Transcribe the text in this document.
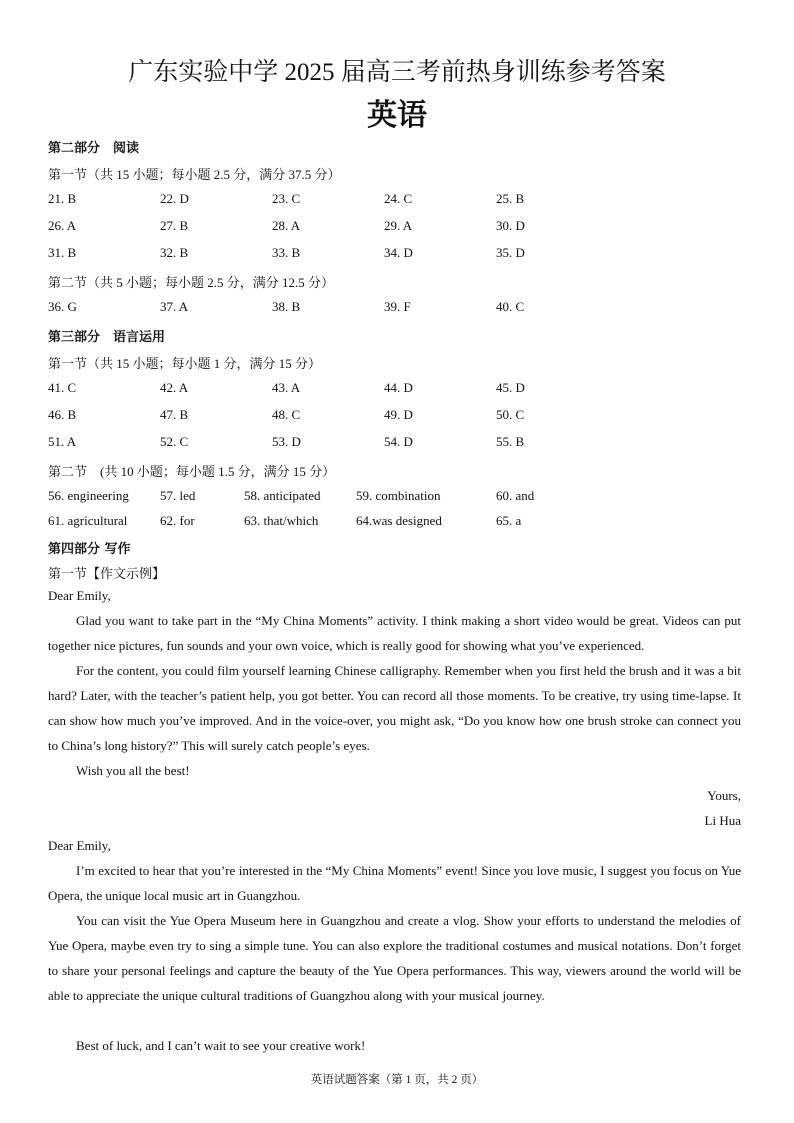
广东实验中学 2025 届高三考前热身训练参考答案
英语
第二部分　阅读
第一节（共 15 小题；每小题 2.5 分，满分 37.5 分）
21. B	22. D	23. C	24. C	25. B
26. A	27. B	28. A	29. A	30. D
31. B	32. B	33. B	34. D	35. D
第二节（共 5 小题；每小题 2.5 分，满分 12.5 分）
36. G	37. A	38. B	39. F	40. C
第三部分　语言运用
第一节（共 15 小题；每小题 1 分，满分 15 分）
41. C	42. A	43. A	44. D	45. D
46. B	47. B	48. C	49. D	50. C
51. A	52. C	53. D	54. D	55. B
第二节　(共 10 小题；每小题 1.5 分，满分 15 分）
56. engineering 57. led	58. anticipated	59. combination	60. and
61. agricultural	62. for	63. that/which	64.was designed	65. a
第四部分 写作
第一节【作文示例】
Dear Emily,
Glad you want to take part in the “My China Moments” activity. I think making a short video would be great. Videos can put together nice pictures, fun sounds and your own voice, which is really good for showing what you’ve experienced.
For the content, you could film yourself learning Chinese calligraphy. Remember when you first held the brush and it was a bit hard? Later, with the teacher’s patient help, you got better. You can record all those moments. To be creative, try using time-lapse. It can show how much you’ve improved. And in the voice-over, you might ask, “Do you know how one brush stroke can connect you to China’s long history?” This will surely catch people’s eyes.
Wish you all the best!
Yours,
Li Hua
Dear Emily,
I’m excited to hear that you’re interested in the “My China Moments” event! Since you love music, I suggest you focus on Yue Opera, the unique local music art in Guangzhou.
You can visit the Yue Opera Museum here in Guangzhou and create a vlog. Show your efforts to understand the melodies of Yue Opera, maybe even try to sing a simple tune. You can also explore the traditional costumes and musical notations. Don’t forget to share your personal feelings and capture the beauty of the Yue Opera performances. This way, viewers around the world will be able to appreciate the unique cultural traditions of Guangzhou along with your musical journey.
Best of luck, and I can’t wait to see your creative work!
英语试题答案（第 1 页，共 2 页）
